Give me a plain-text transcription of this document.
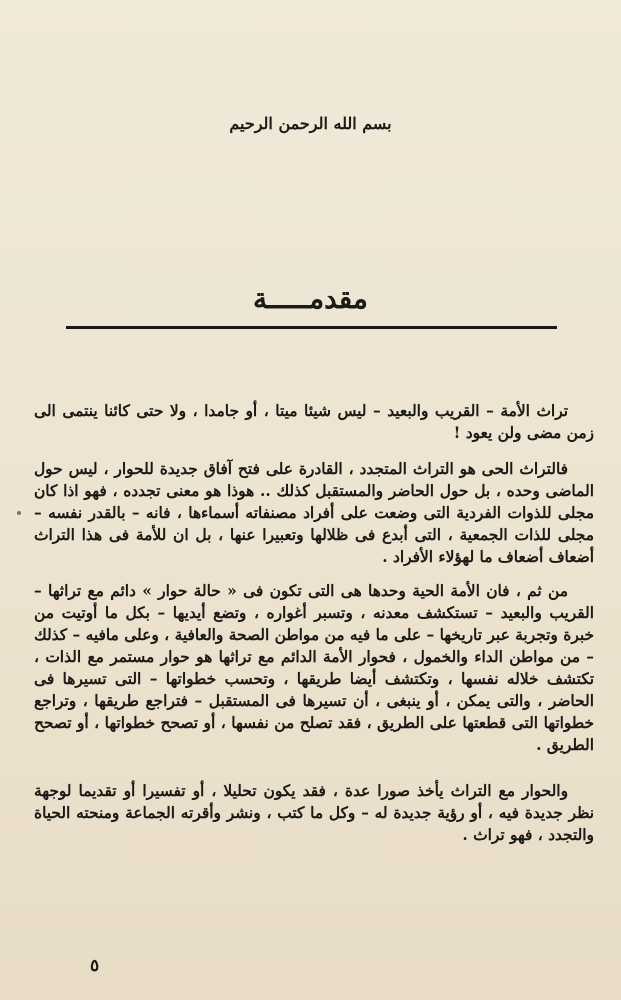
بسم الله الرحمن الرحيم
مقدمـــــة

تراث الأمة – القريب والبعيد – ليس شيئا ميتا ، أو جامدا ، ولا حتى كائنا ينتمى الى زمن مضى ولن يعود !

فالتراث الحى هو التراث المتجدد ، القادرة على فتح آفاق جديدة للحوار ، ليس حول الماضى وحده ، بل حول الحاضر والمستقبل كذلك .. هوذا هو معنى تجدده ، فهو اذا كان مجلى للذوات الفردية التى وضعت على أفراد مصنفاته أسماءها ، فانه – بالقدر نفسه – مجلى للذات الجمعية ، التى أبدع فى ظلالها وتعبيرا عنها ، بل ان للأمة فى هذا التراث أضعاف أضعاف ما لهؤلاء الأفراد .

من ثم ، فان الأمة الحية وحدها هى التى تكون فى « حالة حوار » دائم مع تراثها – القريب والبعيد – تستكشف معدنه ، وتسبر أغواره ، وتضع أيديها – بكل ما أوتيت من خبرة وتجربة عبر تاريخها – على ما فيه من مواطن الصحة والعافية ، وعلى مافيه – كذلك – من مواطن الداء والخمول ، فحوار الأمة الدائم مع تراثها هو حوار مستمر مع الذات ، تكتشف خلاله نفسها ، وتكتشف أيضا طريقها ، وتحسب خطواتها – التى تسيرها فى الحاضر ، والتى يمكن ، أو ينبغى ، أن تسيرها فى المستقبل – فتراجع طريقها ، وتراجع خطواتها التى قطعتها على الطريق ، فقد تصلح من نفسها ، أو تصحح خطواتها ، أو تصحح الطريق .

والحوار مع التراث يأخذ صورا عدة ، فقد يكون تحليلا ، أو تفسيرا أو تقديما لوجهة نظر جديدة فيه ، أو رؤية جديدة له – وكل ما كتب ، ونشر وأقرته الجماعة ومنحته الحياة والتجدد ، فهو تراث .

٥
